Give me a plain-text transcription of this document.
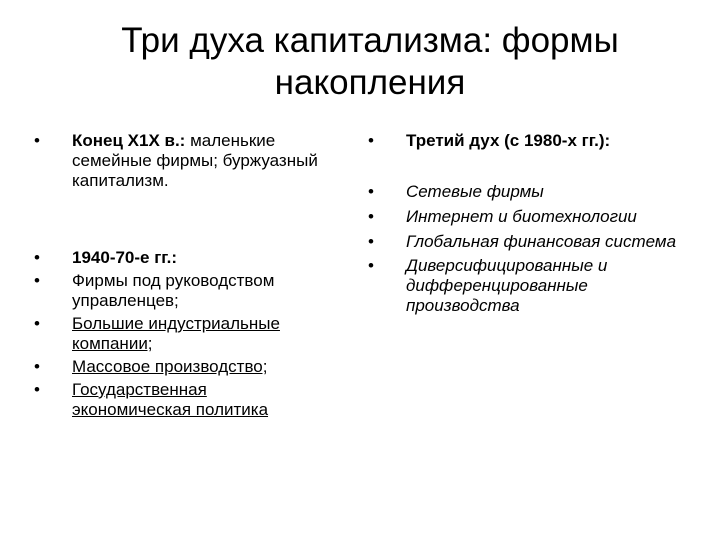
Три духа капитализма: формы
накопления
• Конец Х1Х в.: маленькие семейные фирмы; буржуазный капитализм.
• 1940-70-е гг.:
• Фирмы под руководством управленцев;
• Большие индустриальные компании;
• Массовое производство;
• Государственная экономическая политика
• Третий дух (с 1980-х гг.):
• Сетевые фирмы
• Интернет и биотехнологии
• Глобальная финансовая система
• Диверсифицированные и дифференцированные производства
